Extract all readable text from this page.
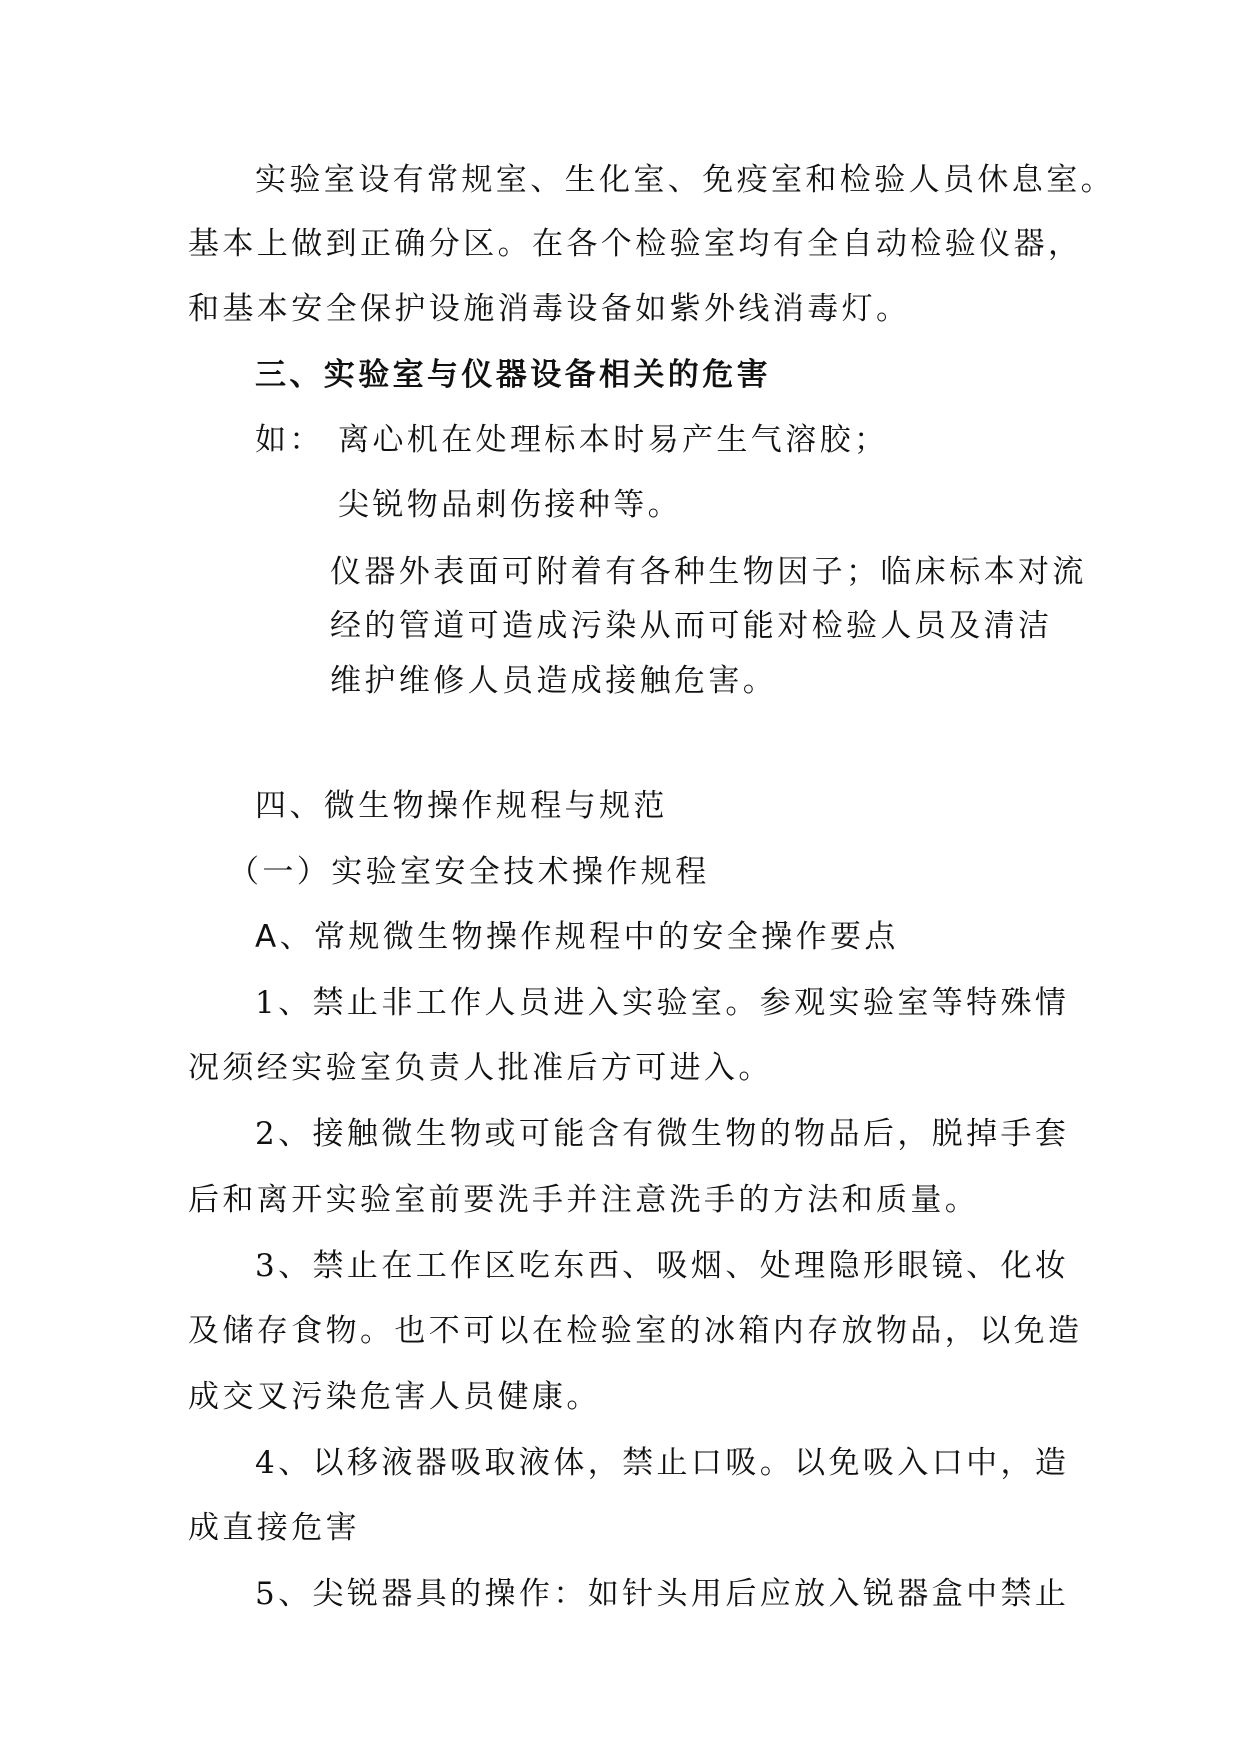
实验室设有常规室、生化室、免疫室和检验人员休息室。
基本上做到正确分区。在各个检验室均有全自动检验仪器，
和基本安全保护设施消毒设备如紫外线消毒灯。
三、实验室与仪器设备相关的危害
如： 离心机在处理标本时易产生气溶胶；
尖锐物品刺伤接种等。
仪器外表面可附着有各种生物因子；临床标本对流
经的管道可造成污染从而可能对检验人员及清洁
维护维修人员造成接触危害。
四、微生物操作规程与规范
（一）实验室安全技术操作规程
A、常规微生物操作规程中的安全操作要点
1、禁止非工作人员进入实验室。参观实验室等特殊情
况须经实验室负责人批准后方可进入。
2、接触微生物或可能含有微生物的物品后，脱掉手套
后和离开实验室前要洗手并注意洗手的方法和质量。
3、禁止在工作区吃东西、吸烟、处理隐形眼镜、化妆
及储存食物。也不可以在检验室的冰箱内存放物品，以免造
成交叉污染危害人员健康。
4、以移液器吸取液体，禁止口吸。以免吸入口中，造
成直接危害
5、尖锐器具的操作：如针头用后应放入锐器盒中禁止
